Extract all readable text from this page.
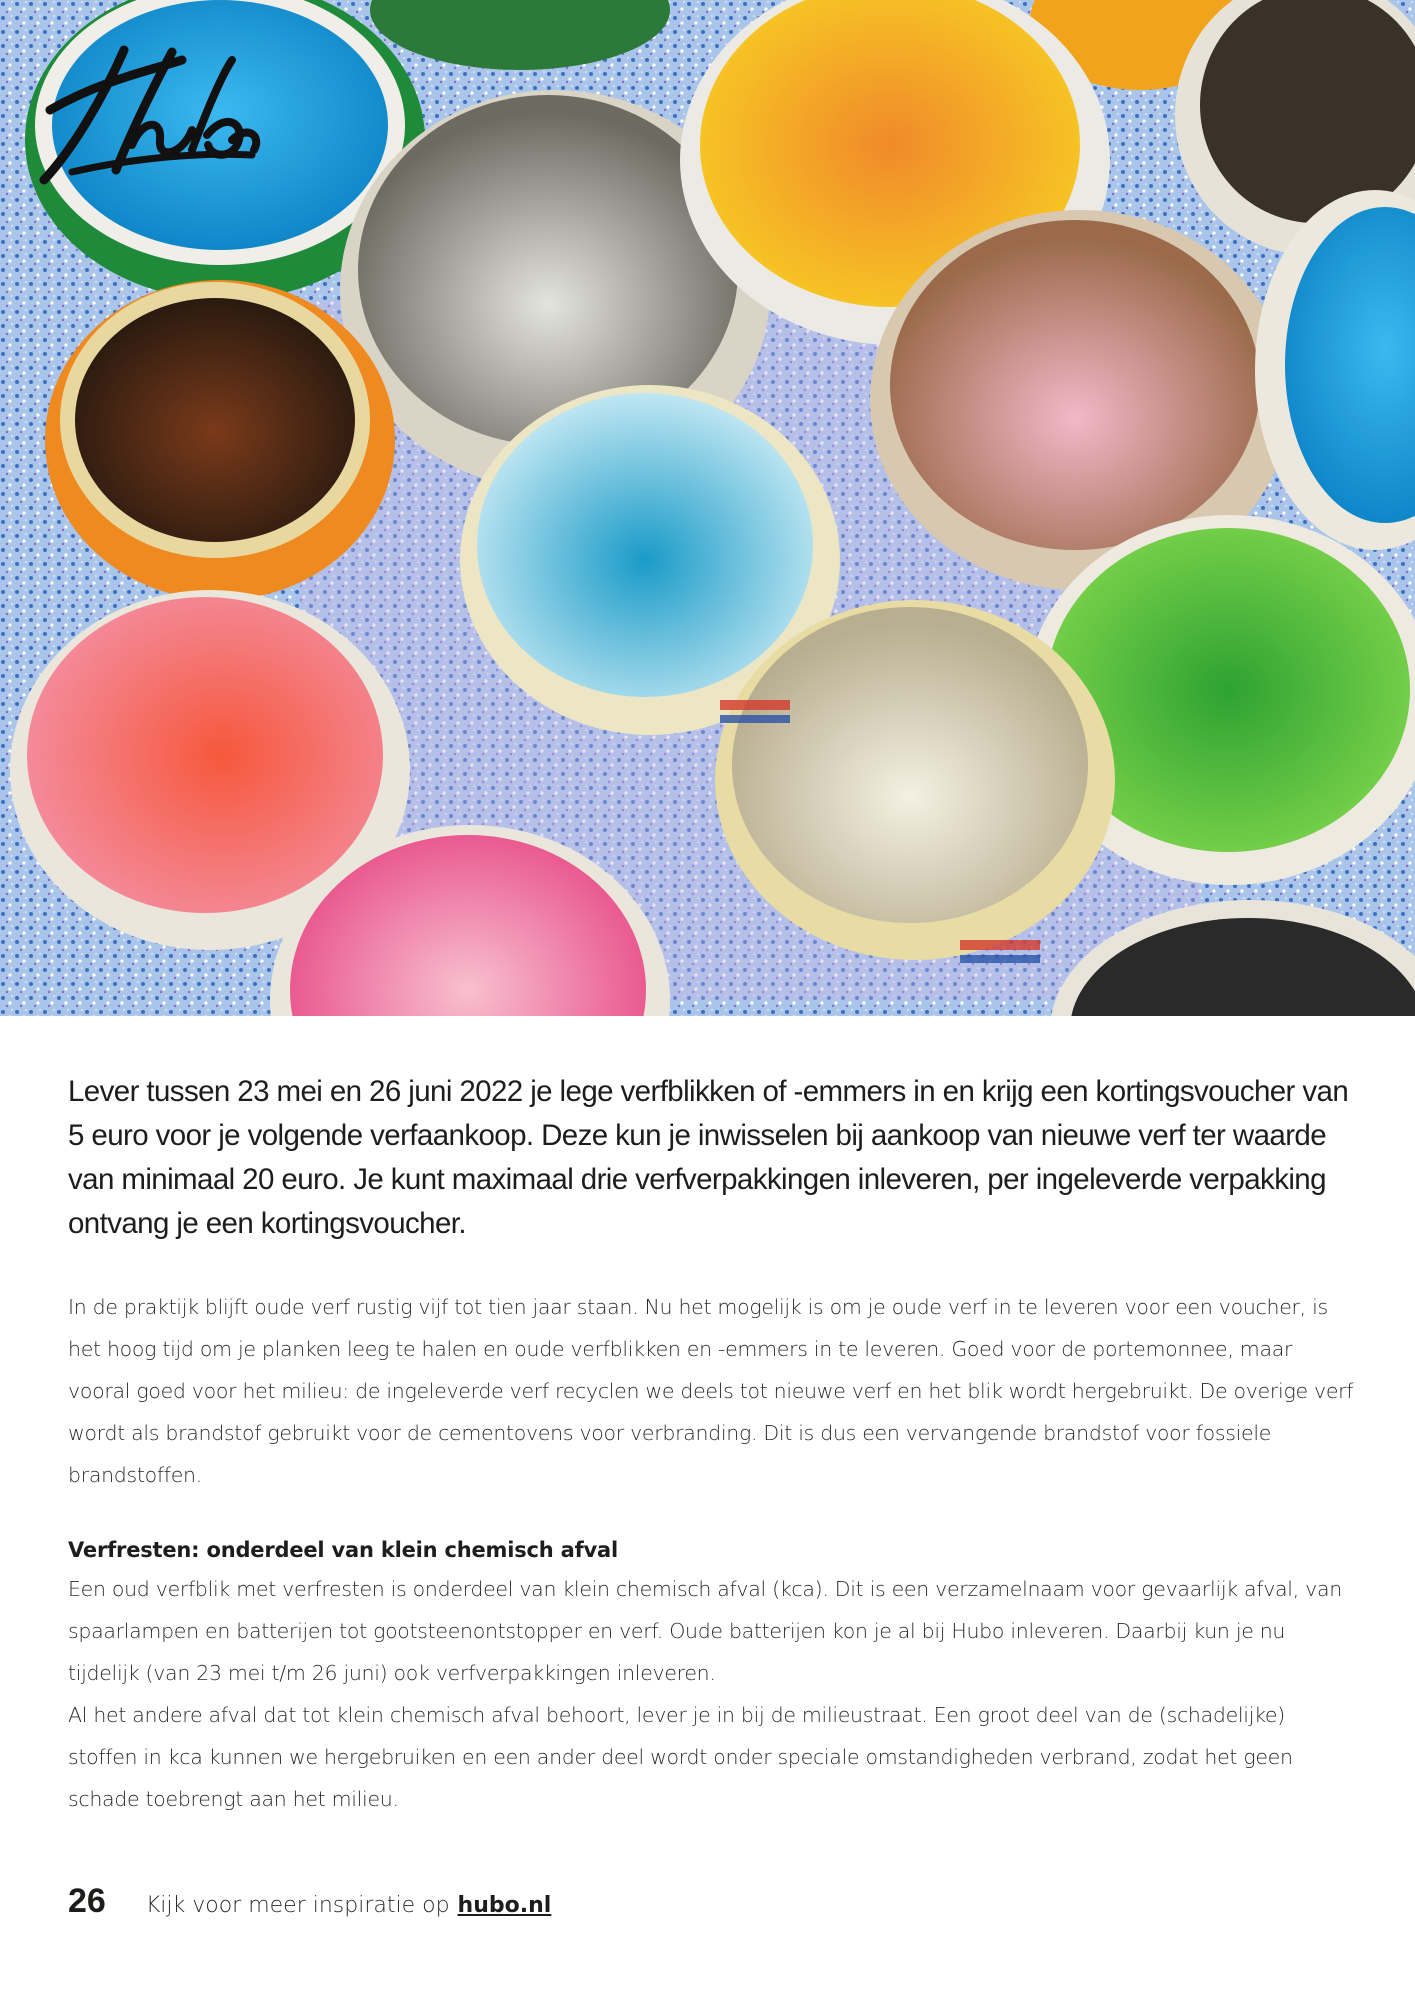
Lever tussen 23 mei en 26 juni 2022 je lege verfblikken of -emmers in en krijg een kortingsvoucher van 5 euro voor je volgende verfaankoop. Deze kun je inwisselen bij aankoop van nieuwe verf ter waarde van minimaal 20 euro. Je kunt maximaal drie verfverpakkingen inleveren, per ingeleverde verpakking ontvang je een kortingsvoucher.

In de praktijk blijft oude verf rustig vijf tot tien jaar staan. Nu het mogelijk is om je oude verf in te leveren voor een voucher, is het hoog tijd om je planken leeg te halen en oude verfblikken en -emmers in te leveren. Goed voor de portemonnee, maar vooral goed voor het milieu: de ingeleverde verf recyclen we deels tot nieuwe verf en het blik wordt hergebruikt. De overige verf wordt als brandstof gebruikt voor de cementovens voor verbranding. Dit is dus een vervangende brandstof voor fossiele brandstoffen.

Verfresten: onderdeel van klein chemisch afval

Een oud verfblik met verfresten is onderdeel van klein chemisch afval (kca). Dit is een verzamelnaam voor gevaarlijk afval, van spaarlampen en batterijen tot gootsteenontstopper en verf. Oude batterijen kon je al bij Hubo inleveren. Daarbij kun je nu tijdelijk (van 23 mei t/m 26 juni) ook verfverpakkingen inleveren.

Al het andere afval dat tot klein chemisch afval behoort, lever je in bij de milieustraat. Een groot deel van de (schadelijke) stoffen in kca kunnen we hergebruiken en een ander deel wordt onder speciale omstandigheden verbrand, zodat het geen schade toebrengt aan het milieu.

26 Kijk voor meer inspiratie op hubo.nl
